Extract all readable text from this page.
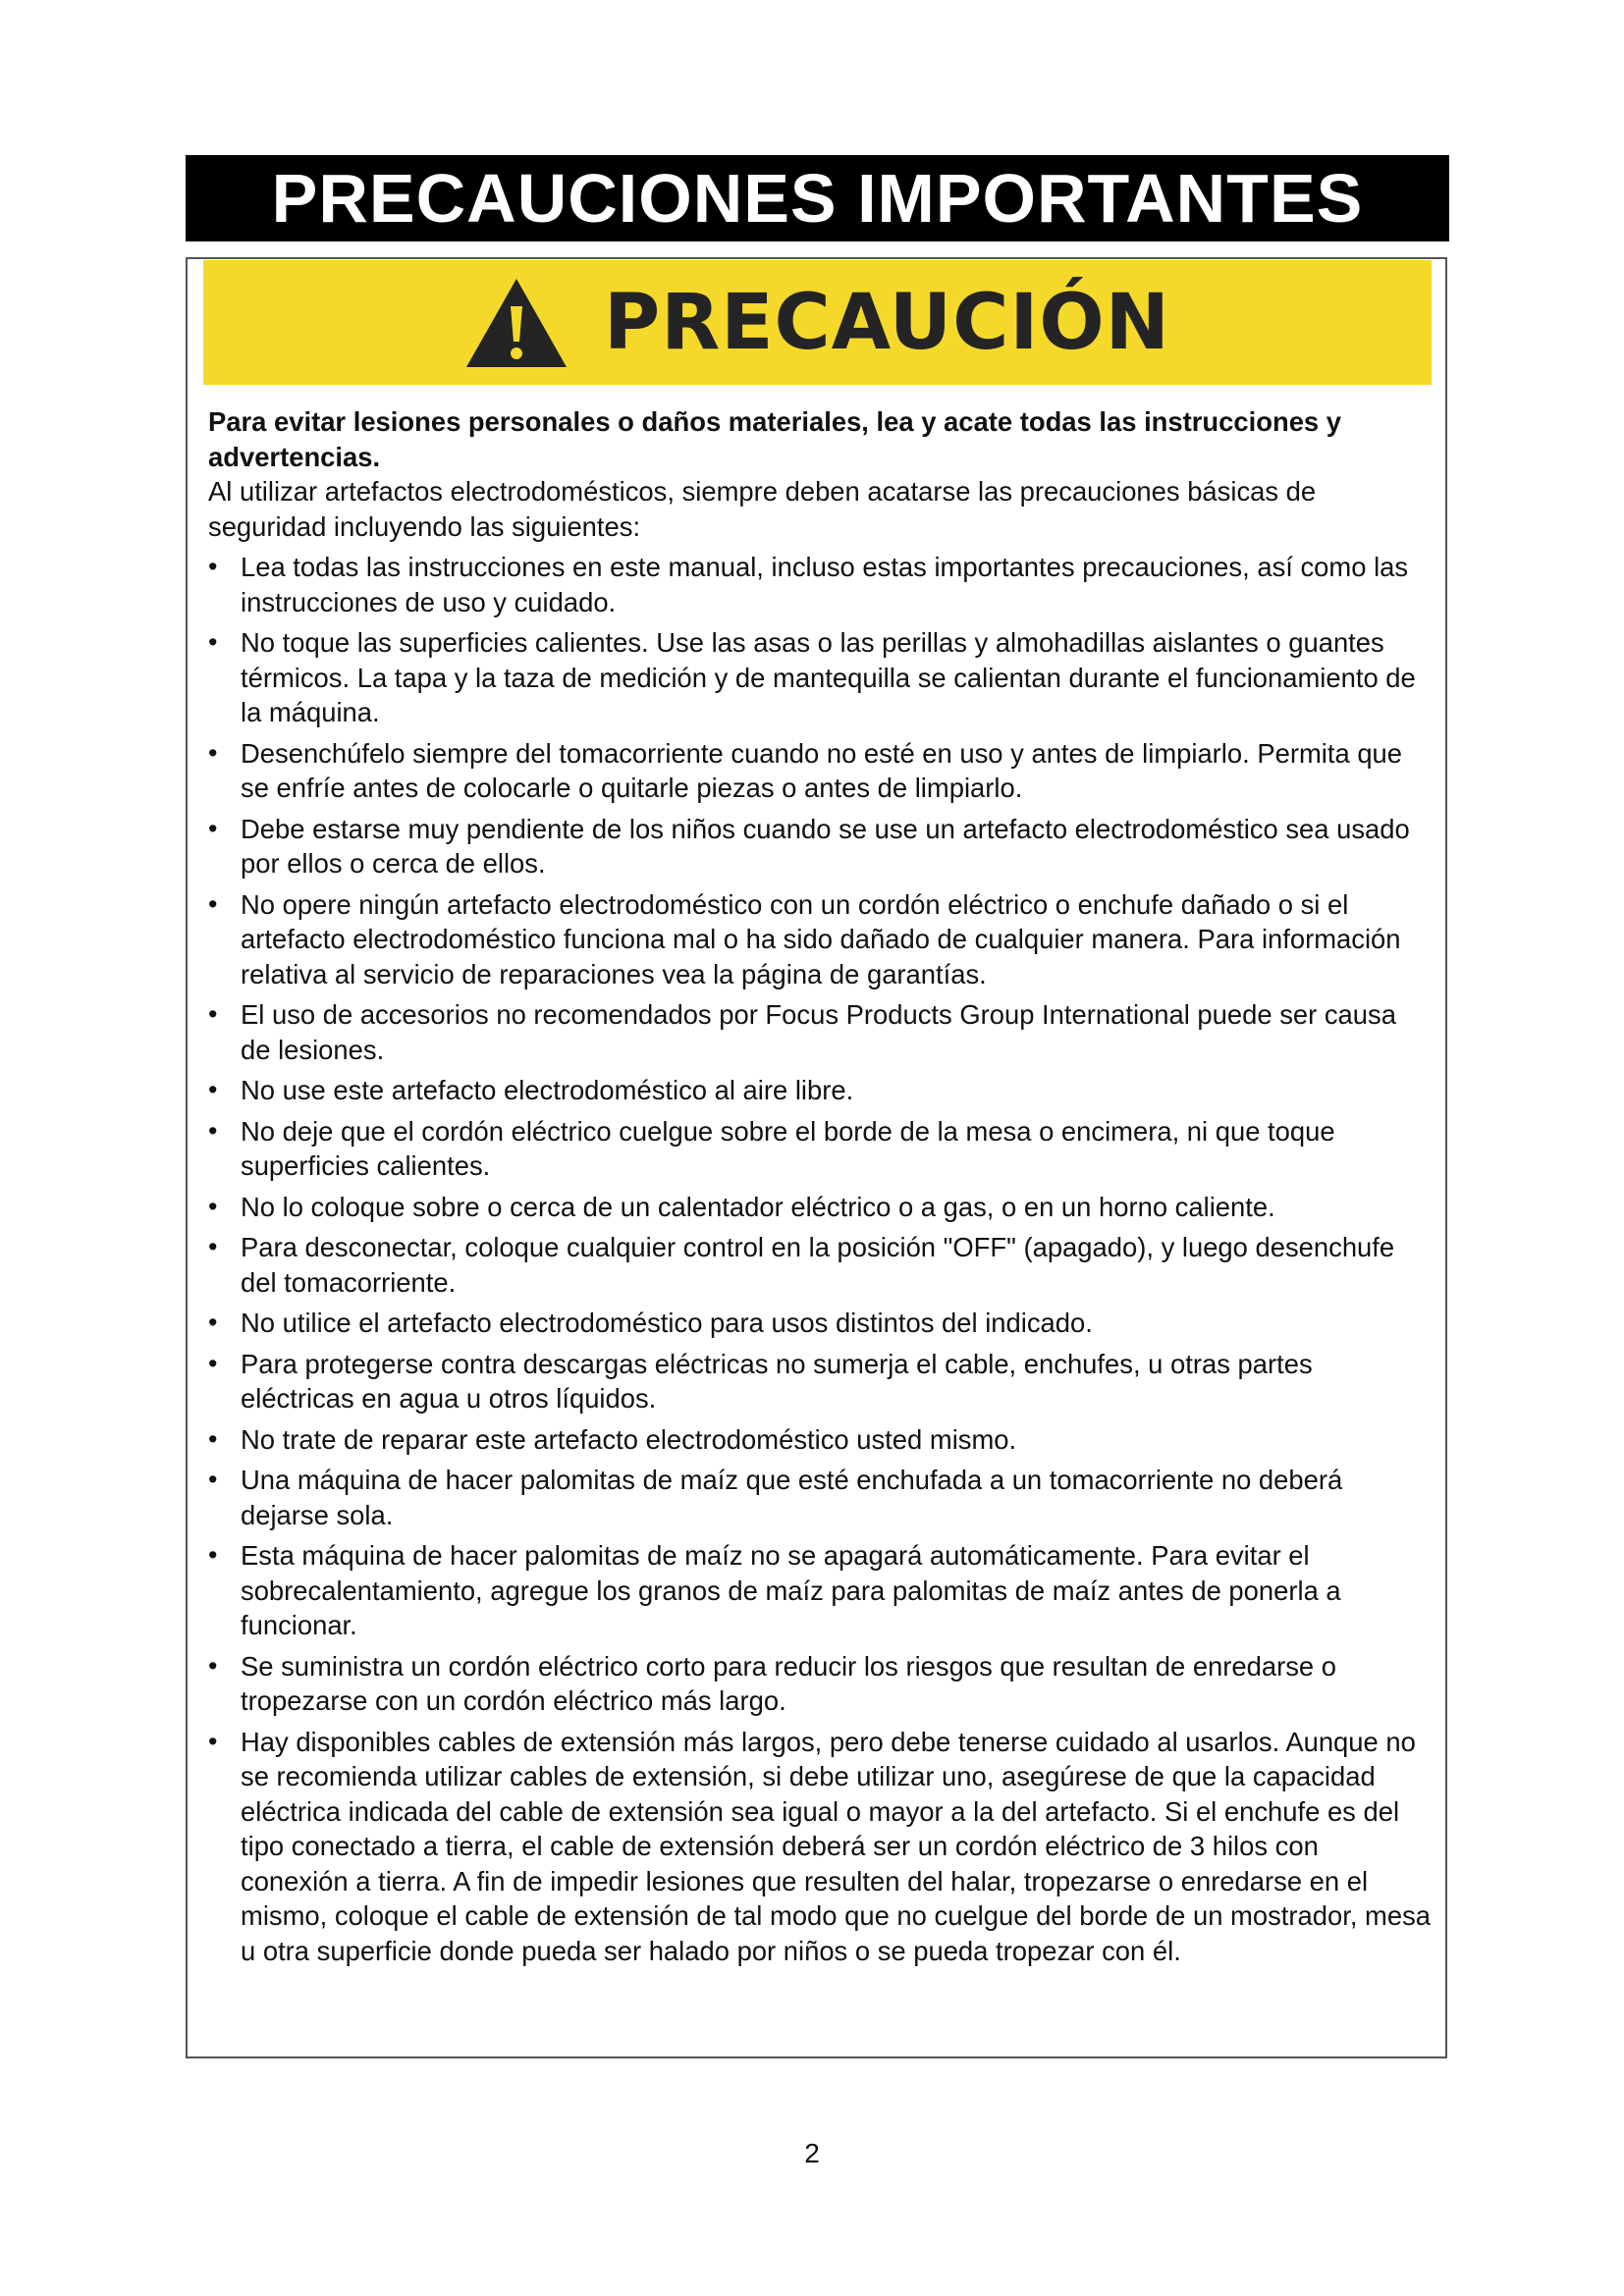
PRECAUCIONES IMPORTANTES
PRECAUCIÓN

Para evitar lesiones personales o daños materiales, lea y acate todas las instrucciones y advertencias.

Al utilizar artefactos electrodomésticos, siempre deben acatarse las precauciones básicas de seguridad incluyendo las siguientes:

• Lea todas las instrucciones en este manual, incluso estas importantes precauciones, así como las instrucciones de uso y cuidado.
• No toque las superficies calientes. Use las asas o las perillas y almohadillas aislantes o guantes térmicos. La tapa y la taza de medición y de mantequilla se calientan durante el funcionamiento de la máquina.
• Desenchúfelo siempre del tomacorriente cuando no esté en uso y antes de limpiarlo. Permita que se enfríe antes de colocarle o quitarle piezas o antes de limpiarlo.
• Debe estarse muy pendiente de los niños cuando se use un artefacto electrodoméstico sea usado por ellos o cerca de ellos.
• No opere ningún artefacto electrodoméstico con un cordón eléctrico o enchufe dañado o si el artefacto electrodoméstico funciona mal o ha sido dañado de cualquier manera. Para información relativa al servicio de reparaciones vea la página de garantías.
• El uso de accesorios no recomendados por Focus Products Group International puede ser causa de lesiones.
• No use este artefacto electrodoméstico al aire libre.
• No deje que el cordón eléctrico cuelgue sobre el borde de la mesa o encimera, ni que toque superficies calientes.
• No lo coloque sobre o cerca de un calentador eléctrico o a gas, o en un horno caliente.
• Para desconectar, coloque cualquier control en la posición "OFF" (apagado), y luego desenchufe del tomacorriente.
• No utilice el artefacto electrodoméstico para usos distintos del indicado.
• Para protegerse contra descargas eléctricas no sumerja el cable, enchufes, u otras partes eléctricas en agua u otros líquidos.
• No trate de reparar este artefacto electrodoméstico usted mismo.
• Una máquina de hacer palomitas de maíz que esté enchufada a un tomacorriente no deberá dejarse sola.
• Esta máquina de hacer palomitas de maíz no se apagará automáticamente. Para evitar el sobrecalentamiento, agregue los granos de maíz para palomitas de maíz antes de ponerla a funcionar.
• Se suministra un cordón eléctrico corto para reducir los riesgos que resultan de enredarse o tropezarse con un cordón eléctrico más largo.
• Hay disponibles cables de extensión más largos, pero debe tenerse cuidado al usarlos. Aunque no se recomienda utilizar cables de extensión, si debe utilizar uno, asegúrese de que la capacidad eléctrica indicada del cable de extensión sea igual o mayor a la del artefacto. Si el enchufe es del tipo conectado a tierra, el cable de extensión deberá ser un cordón eléctrico de 3 hilos con conexión a tierra. A fin de impedir lesiones que resulten del halar, tropezarse o enredarse en el mismo, coloque el cable de extensión de tal modo que no cuelgue del borde de un mostrador, mesa u otra superficie donde pueda ser halado por niños o se pueda tropezar con él.
2
